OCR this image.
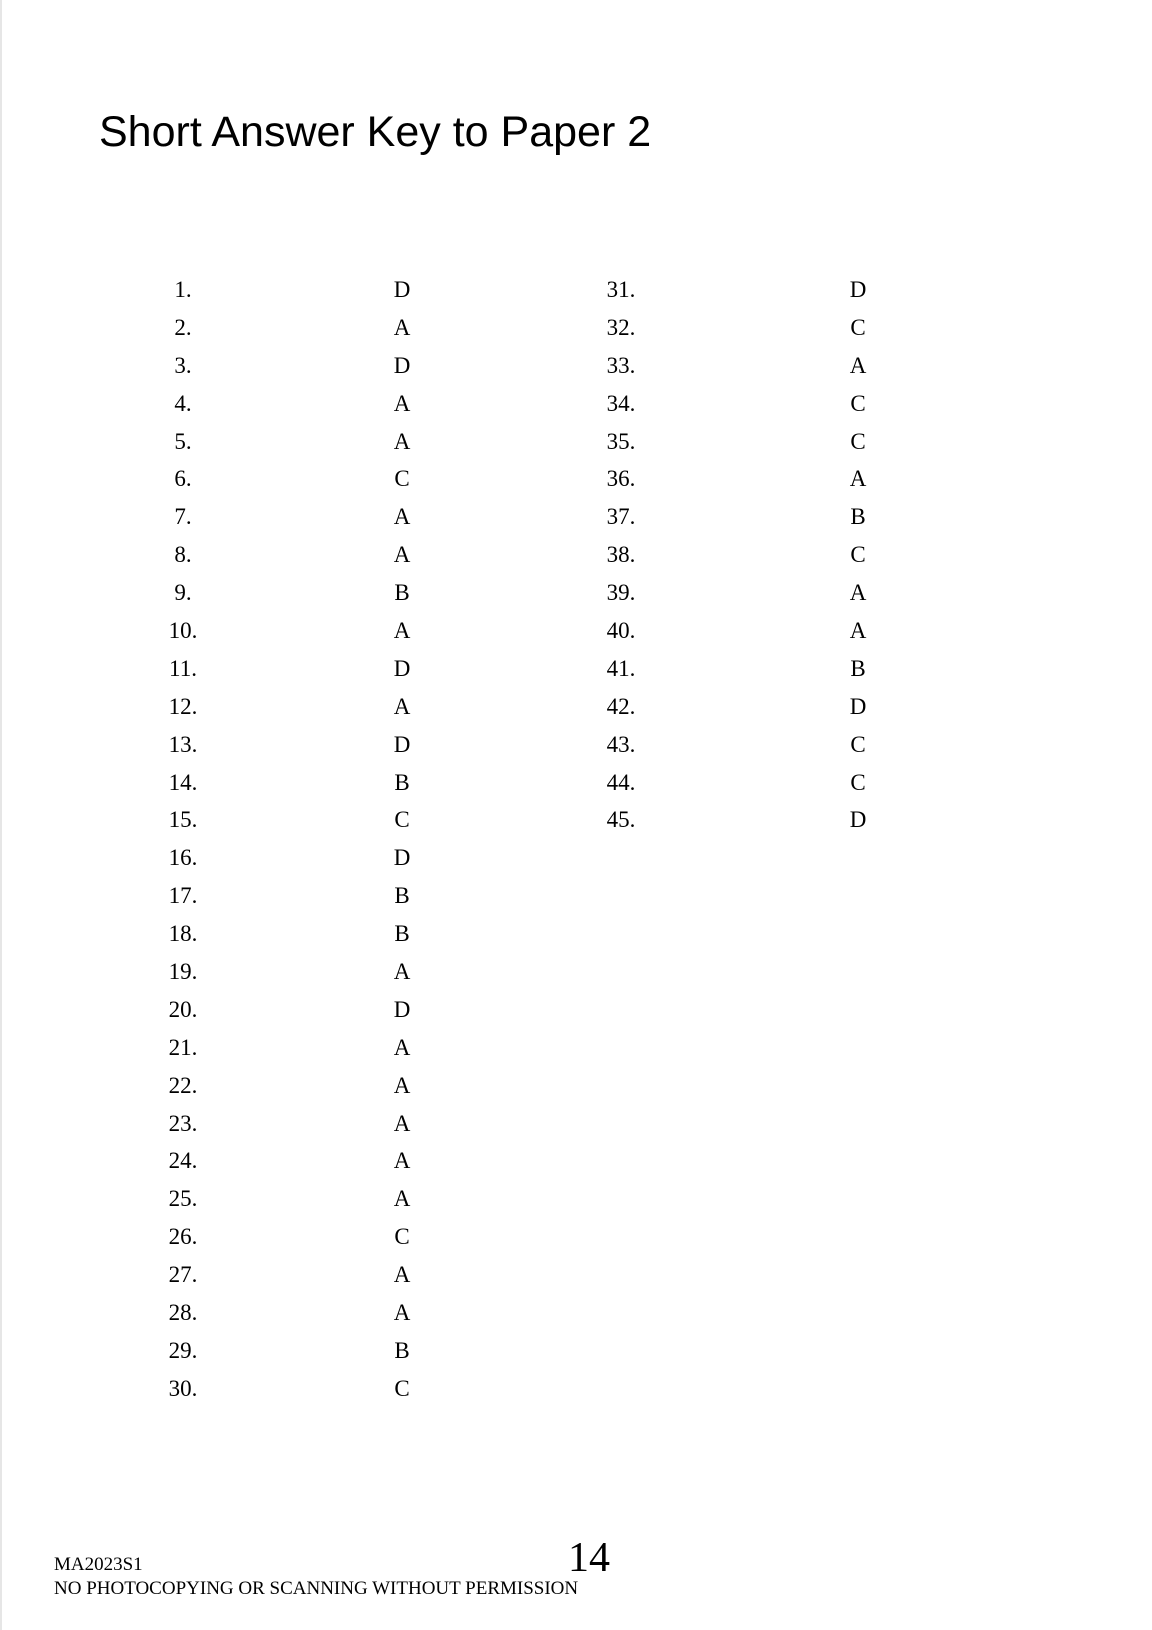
Short Answer Key to Paper 2
1.	D
2.	A
3.	D
4.	A
5.	A
6.	C
7.	A
8.	A
9.	B
10.	A
11.	D
12.	A
13.	D
14.	B
15.	C
16.	D
17.	B
18.	B
19.	A
20.	D
21.	A
22.	A
23.	A
24.	A
25.	A
26.	C
27.	A
28.	A
29.	B
30.	C
31.	D
32.	C
33.	A
34.	C
35.	C
36.	A
37.	B
38.	C
39.	A
40.	A
41.	B
42.	D
43.	C
44.	C
45.	D
MA2023S1	14
NO PHOTOCOPYING OR SCANNING WITHOUT PERMISSION
